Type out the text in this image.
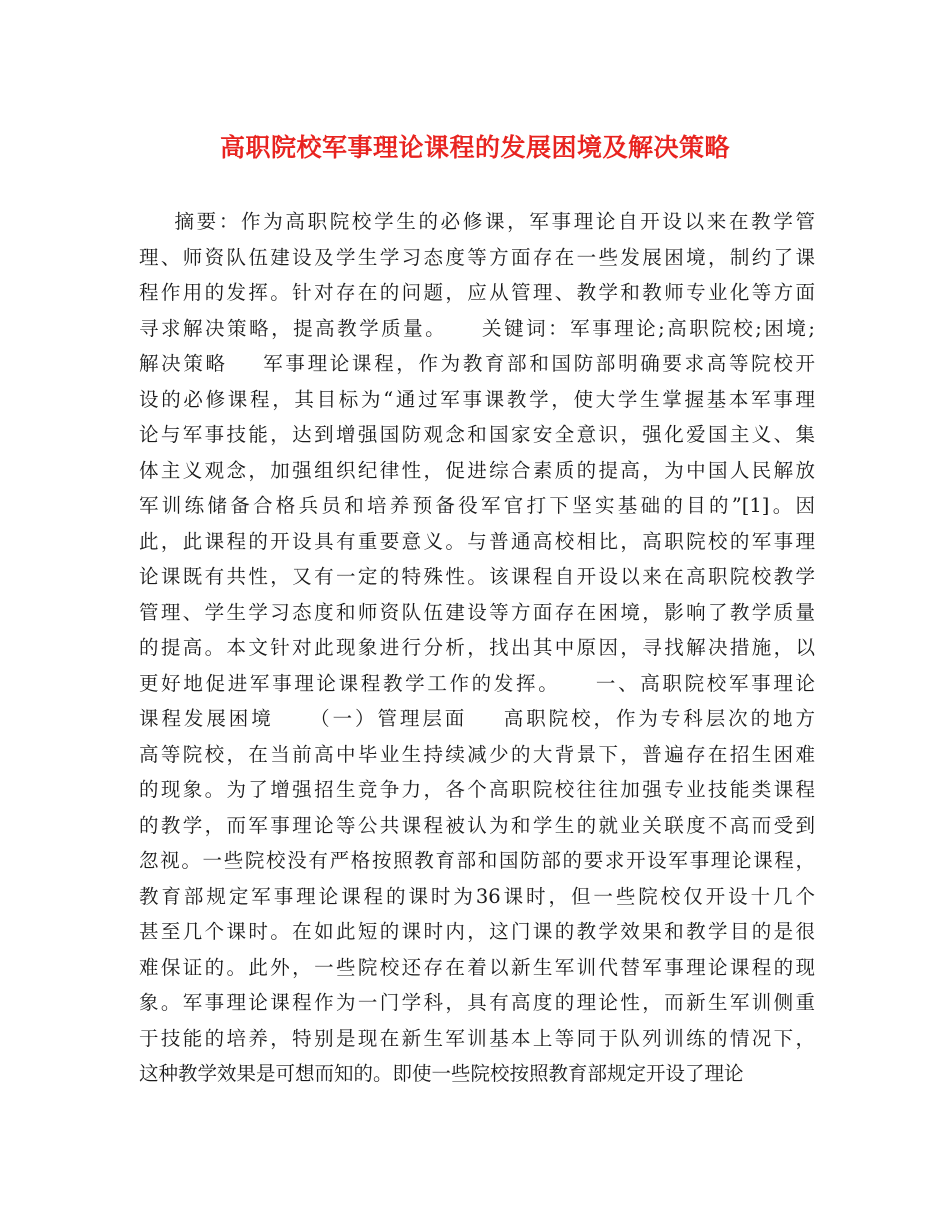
高职院校军事理论课程的发展困境及解决策略
摘要：作为高职院校学生的必修课，军事理论自开设以来在教学管
理、师资队伍建设及学生学习态度等方面存在一些发展困境，制约了课
程作用的发挥。针对存在的问题，应从管理、教学和教师专业化等方面
寻求解决策略，提高教学质量。    关键词：军事理论;高职院校;困境;
解决策略    军事理论课程，作为教育部和国防部明确要求高等院校开
设的必修课程，其目标为“通过军事课教学，使大学生掌握基本军事理
论与军事技能，达到增强国防观念和国家安全意识，强化爱国主义、集
体主义观念，加强组织纪律性，促进综合素质的提高，为中国人民解放
军训练储备合格兵员和培养预备役军官打下坚实基础的目的”[1]。因
此，此课程的开设具有重要意义。与普通高校相比，高职院校的军事理
论课既有共性，又有一定的特殊性。该课程自开设以来在高职院校教学
管理、学生学习态度和师资队伍建设等方面存在困境，影响了教学质量
的提高。本文针对此现象进行分析，找出其中原因，寻找解决措施，以
更好地促进军事理论课程教学工作的发挥。    一、高职院校军事理论
课程发展困境    （一）管理层面    高职院校，作为专科层次的地方
高等院校，在当前高中毕业生持续减少的大背景下，普遍存在招生困难
的现象。为了增强招生竞争力，各个高职院校往往加强专业技能类课程
的教学，而军事理论等公共课程被认为和学生的就业关联度不高而受到
忽视。一些院校没有严格按照教育部和国防部的要求开设军事理论课程，
教育部规定军事理论课程的课时为36课时，但一些院校仅开设十几个
甚至几个课时。在如此短的课时内，这门课的教学效果和教学目的是很
难保证的。此外，一些院校还存在着以新生军训代替军事理论课程的现
象。军事理论课程作为一门学科，具有高度的理论性，而新生军训侧重
于技能的培养，特别是现在新生军训基本上等同于队列训练的情况下，
这种教学效果是可想而知的。即使一些院校按照教育部规定开设了理论
